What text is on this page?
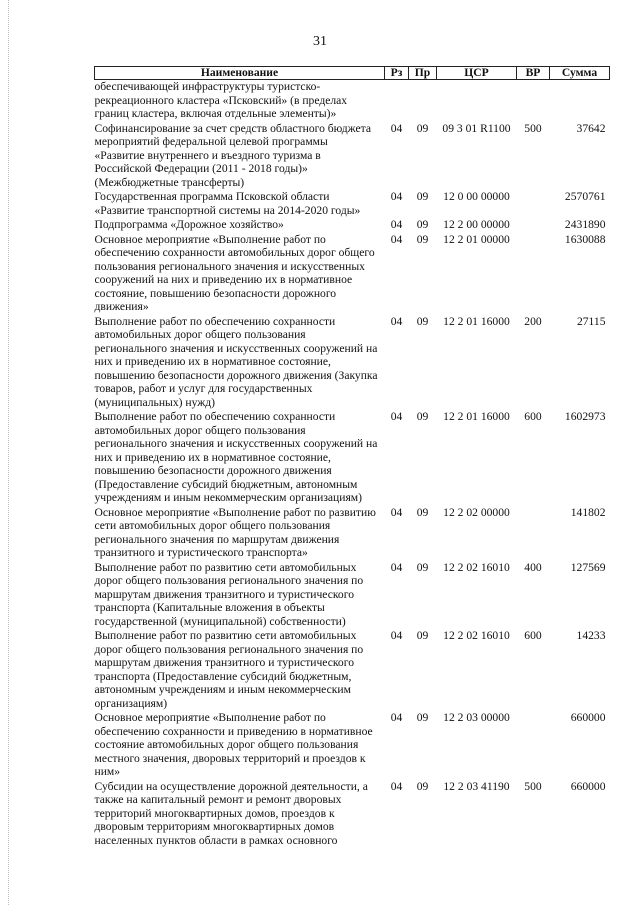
31
Наименование	Рз	Пр	ЦСР	ВР	Сумма
обеспечивающей инфраструктуры туристско-рекреационного кластера «Псковский» (в пределах границ кластера, включая отдельные элементы)»					
Софинансирование за счет средств областного бюджета мероприятий федеральной целевой программы «Развитие внутреннего и въездного туризма в Российской Федерации (2011 - 2018 годы)» (Межбюджетные трансферты)	04	09	09 3 01 R1100	500	37642
Государственная программа Псковской области «Развитие транспортной системы на 2014-2020 годы»	04	09	12 0 00 00000		2570761
Подпрограмма «Дорожное хозяйство»	04	09	12 2 00 00000		2431890
Основное мероприятие «Выполнение работ по обеспечению сохранности автомобильных дорог общего пользования регионального значения и искусственных сооружений на них и приведению их в нормативное состояние, повышению безопасности дорожного движения»	04	09	12 2 01 00000		1630088
Выполнение работ по обеспечению сохранности автомобильных дорог общего пользования регионального значения и искусственных сооружений на них и приведению их в нормативное состояние, повышению безопасности дорожного движения (Закупка товаров, работ и услуг для государственных (муниципальных) нужд)	04	09	12 2 01 16000	200	27115
Выполнение работ по обеспечению сохранности автомобильных дорог общего пользования регионального значения и искусственных сооружений на них и приведению их в нормативное состояние, повышению безопасности дорожного движения (Предоставление субсидий бюджетным, автономным учреждениям и иным некоммерческим организациям)	04	09	12 2 01 16000	600	1602973
Основное мероприятие «Выполнение работ по развитию сети автомобильных дорог общего пользования регионального значения по маршрутам движения транзитного и туристического транспорта»	04	09	12 2 02 00000		141802
Выполнение работ по развитию сети автомобильных дорог общего пользования регионального значения по маршрутам движения транзитного и туристического транспорта (Капитальные вложения в объекты государственной (муниципальной) собственности)	04	09	12 2 02 16010	400	127569
Выполнение работ по развитию сети автомобильных дорог общего пользования регионального значения по маршрутам движения транзитного и туристического транспорта (Предоставление субсидий бюджетным, автономным учреждениям и иным некоммерческим организациям)	04	09	12 2 02 16010	600	14233
Основное мероприятие «Выполнение работ по обеспечению сохранности и приведению в нормативное состояние автомобильных дорог общего пользования местного значения, дворовых территорий и проездов к ним»	04	09	12 2 03 00000		660000
Субсидии на осуществление дорожной деятельности, а также на капитальный ремонт и ремонт дворовых территорий многоквартирных домов, проездов к дворовым территориям многоквартирных домов населенных пунктов области в рамках основного	04	09	12 2 03 41190	500	660000
